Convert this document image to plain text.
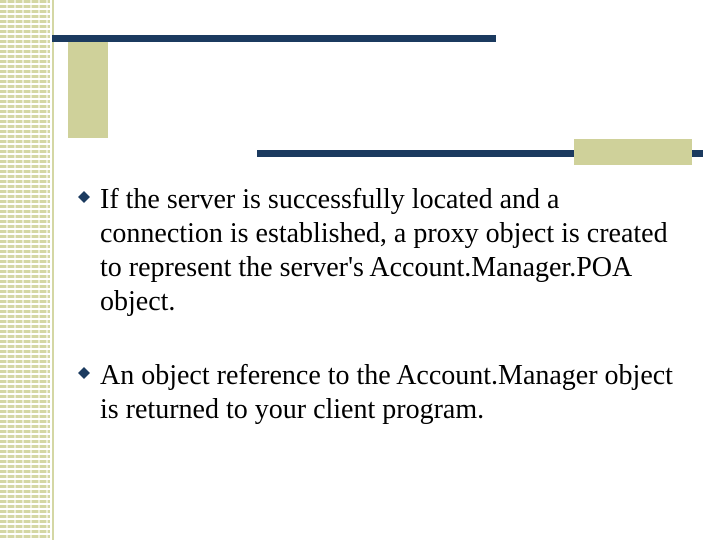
If the server is successfully located and a connection is established, a proxy object is created to represent the server's Account.Manager.POA object.
An object reference to the Account.Manager object is returned to your client program.
